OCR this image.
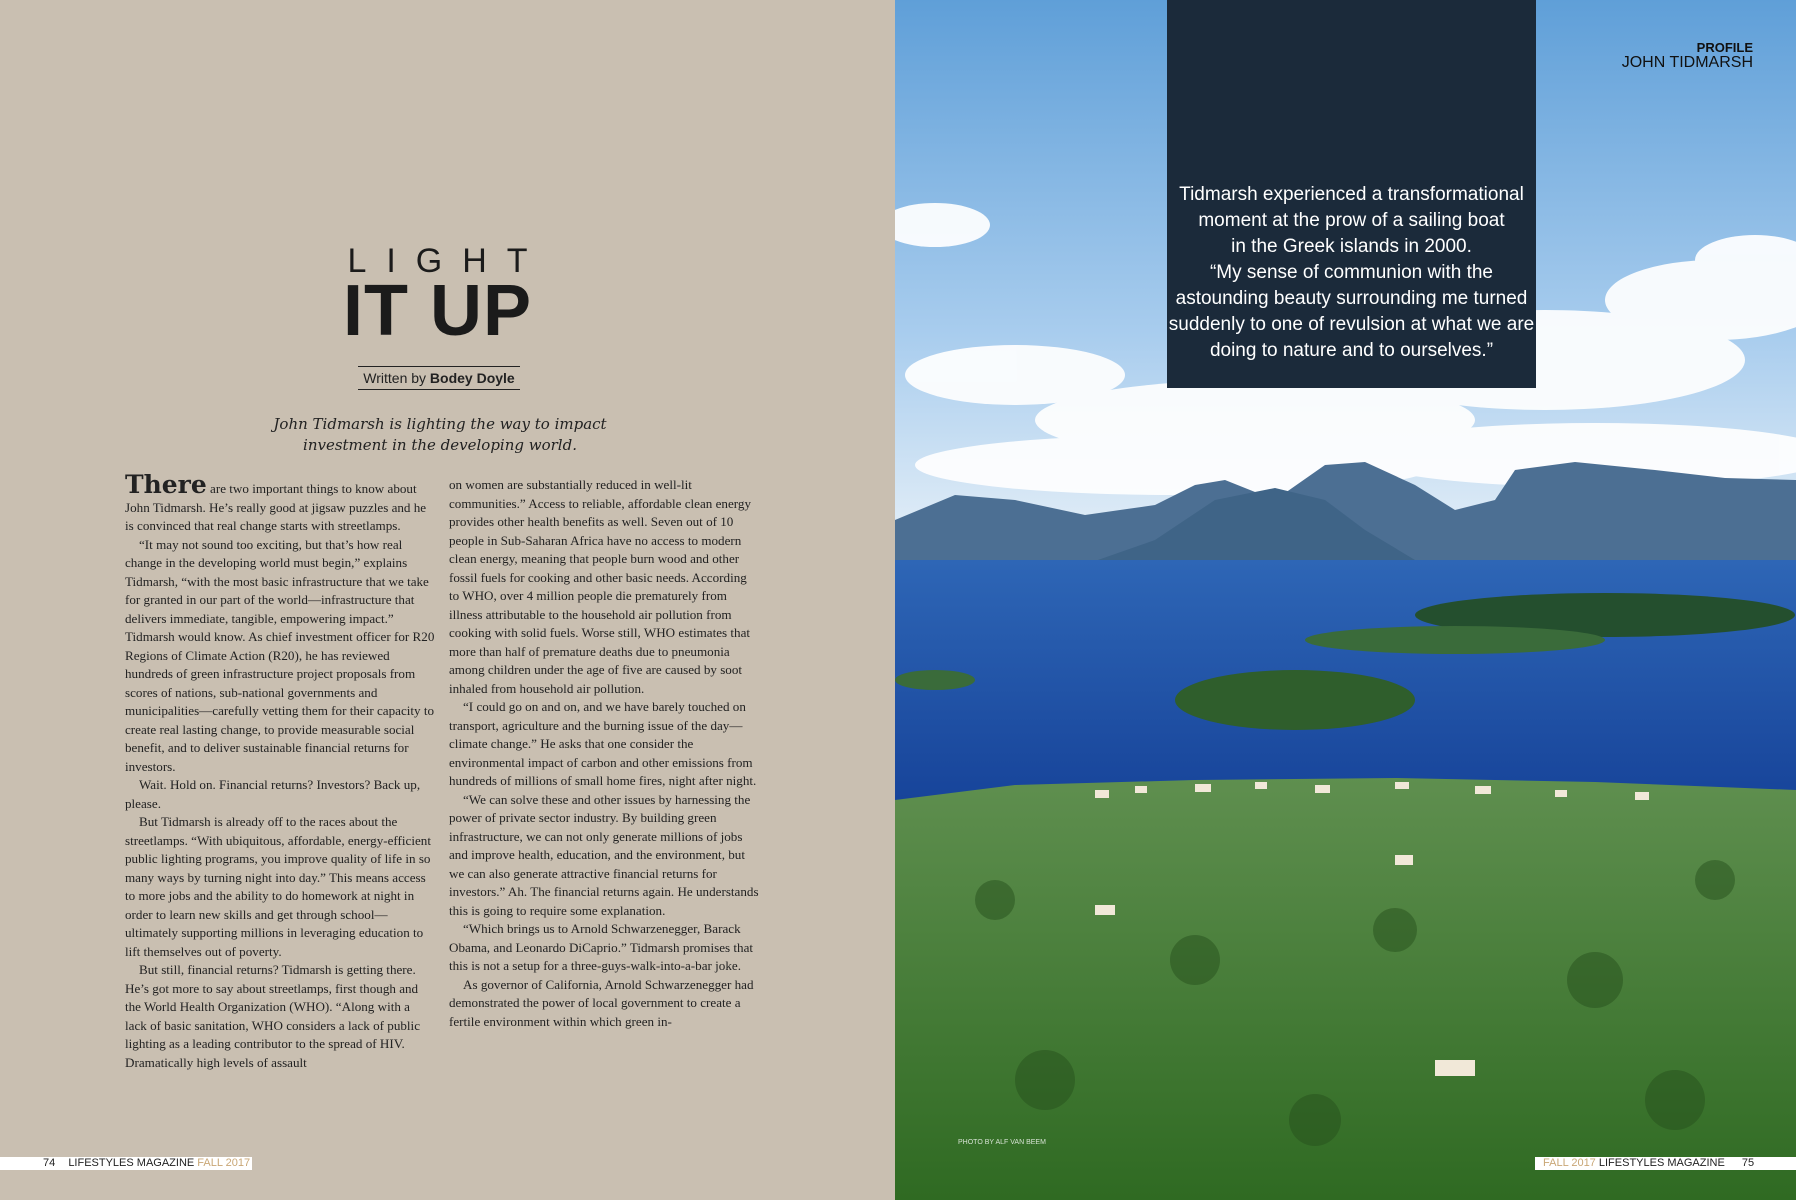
LIGHT
IT UP
Written by Bodey Doyle
John Tidmarsh is lighting the way to impact
investment in the developing world.

There are two important things to know about John Tidmarsh. He’s really good at jigsaw puzzles and he is convinced that real change starts with streetlamps.

“It may not sound too exciting, but that’s how real change in the developing world must begin,” explains Tidmarsh, “with the most basic infrastructure that we take for granted in our part of the world—infrastructure that delivers immediate, tangible, empowering impact.” Tidmarsh would know. As chief investment officer for R20 Regions of Climate Action (R20), he has reviewed hundreds of green infrastructure project proposals from scores of nations, sub-national governments and municipalities—carefully vetting them for their capacity to create real lasting change, to provide measurable social benefit, and to deliver sustainable financial returns for investors.

Wait. Hold on. Financial returns? Investors? Back up, please.

But Tidmarsh is already off to the races about the streetlamps. “With ubiquitous, affordable, energy-efficient public lighting programs, you improve quality of life in so many ways by turning night into day.” This means access to more jobs and the ability to do homework at night in order to learn new skills and get through school—ultimately supporting millions in leveraging education to lift themselves out of poverty.

But still, financial returns? Tidmarsh is getting there. He’s got more to say about streetlamps, first though and the World Health Organization (WHO). “Along with a lack of basic sanitation, WHO considers a lack of public lighting as a leading contributor to the spread of HIV. Dramatically high levels of assault

on women are substantially reduced in well-lit communities.” Access to reliable, affordable clean energy provides other health benefits as well. Seven out of 10 people in Sub-Saharan Africa have no access to modern clean energy, meaning that people burn wood and other fossil fuels for cooking and other basic needs. According to WHO, over 4 million people die prematurely from illness attributable to the household air pollution from cooking with solid fuels. Worse still, WHO estimates that more than half of premature deaths due to pneumonia among children under the age of five are caused by soot inhaled from household air pollution.

“I could go on and on, and we have barely touched on transport, agriculture and the burning issue of the day—climate change.” He asks that one consider the environmental impact of carbon and other emissions from hundreds of millions of small home fires, night after night.

“We can solve these and other issues by harnessing the power of private sector industry. By building green infrastructure, we can not only generate millions of jobs and improve health, education, and the environment, but we can also generate attractive financial returns for investors.” Ah. The financial returns again. He understands this is going to require some explanation.

“Which brings us to Arnold Schwarzenegger, Barack Obama, and Leonardo DiCaprio.” Tidmarsh promises that this is not a setup for a three-guys-walk-into-a-bar joke.

As governor of California, Arnold Schwarzenegger had demonstrated the power of local government to create a fertile environment within which green in-

74 LIFESTYLES MAGAZINE FALL 2017
PHOTO BY ALF VAN BEEM
Tidmarsh experienced a transformational
moment at the prow of a sailing boat
in the Greek islands in 2000.
“My sense of communion with the
astounding beauty surrounding me turned
suddenly to one of revulsion at what we are
doing to nature and to ourselves.”
PROFILE
JOHN TIDMARSH
FALL 2017 LIFESTYLES MAGAZINE 75
